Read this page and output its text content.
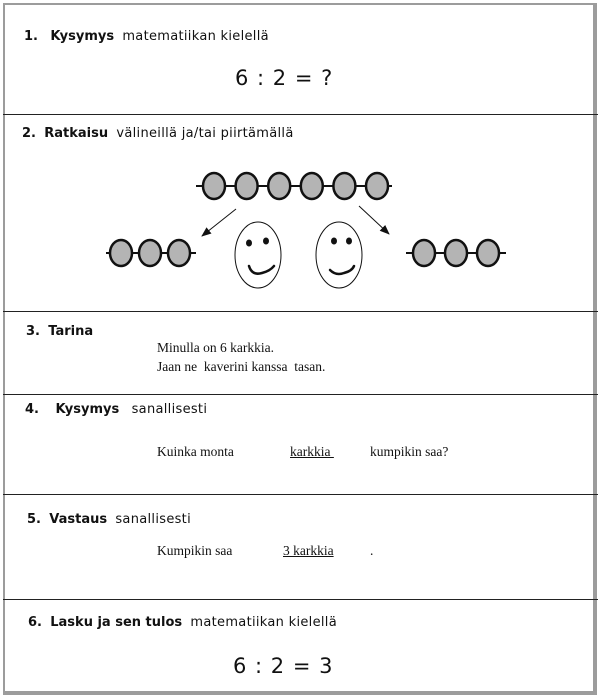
1. Kysymys matematiikan kielellä
6 : 2 = ?
2. Ratkaisu välineillä ja/tai piirtämällä
3. Tarina
Minulla on 6 karkkia.
Jaan ne  kaverini kanssa  tasan.
4. Kysymys sanallisesti
Kuinka monta	karkkia	kumpikin saa?
5. Vastaus sanallisesti
Kumpikin saa	3 karkkia	.
6. Lasku ja sen tulos matematiikan kielellä
6 : 2 = 3
